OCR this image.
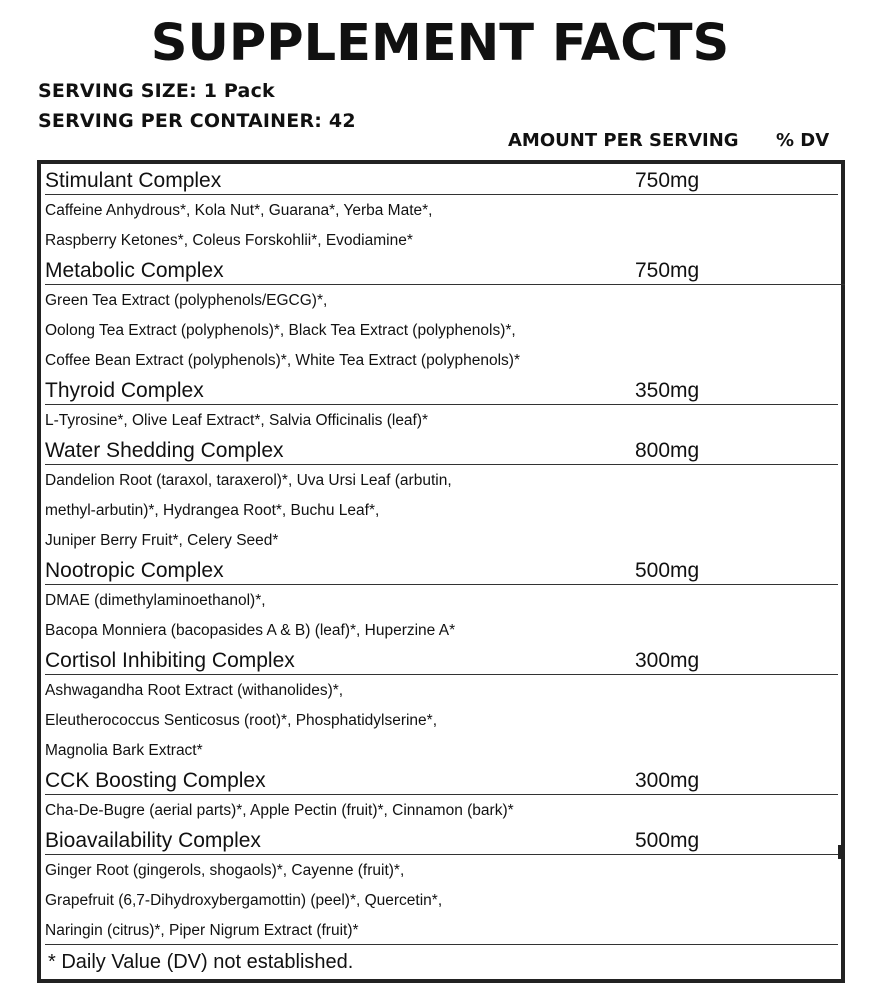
SUPPLEMENT FACTS
SERVING SIZE: 1 Pack
SERVING PER CONTAINER: 42
AMOUNT PER SERVING % DV
Stimulant Complex	750mg
Caffeine Anhydrous*, Kola Nut*, Guarana*, Yerba Mate*,
Raspberry Ketones*, Coleus Forskohlii*, Evodiamine*
Metabolic Complex	750mg
Green Tea Extract (polyphenols/EGCG)*,
Oolong Tea Extract (polyphenols)*, Black Tea Extract (polyphenols)*,
Coffee Bean Extract (polyphenols)*, White Tea Extract (polyphenols)*
Thyroid Complex	350mg
L-Tyrosine*, Olive Leaf Extract*, Salvia Officinalis (leaf)*
Water Shedding Complex	800mg
Dandelion Root (taraxol, taraxerol)*, Uva Ursi Leaf (arbutin,
methyl-arbutin)*, Hydrangea Root*, Buchu Leaf*,
Juniper Berry Fruit*, Celery Seed*
Nootropic Complex	500mg
DMAE (dimethylaminoethanol)*,
Bacopa Monniera (bacopasides A & B) (leaf)*, Huperzine A*
Cortisol Inhibiting Complex	300mg
Ashwagandha Root Extract (withanolides)*,
Eleutherococcus Senticosus (root)*, Phosphatidylserine*,
Magnolia Bark Extract*
CCK Boosting Complex	300mg
Cha-De-Bugre (aerial parts)*, Apple Pectin (fruit)*, Cinnamon (bark)*
Bioavailability Complex	500mg
Ginger Root (gingerols, shogaols)*, Cayenne (fruit)*,
Grapefruit (6,7-Dihydroxybergamottin) (peel)*, Quercetin*,
Naringin (citrus)*, Piper Nigrum Extract (fruit)*
* Daily Value (DV) not established.
